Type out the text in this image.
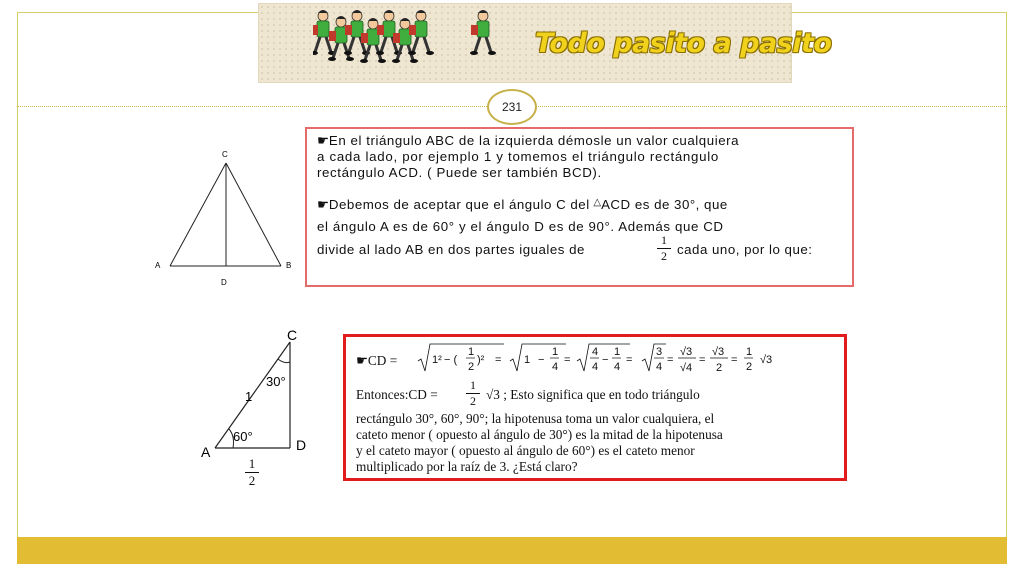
Todo pasito a pasito
231
C
A	B
D
☛En el triángulo ABC de la izquierda démosle un valor cualquiera
a cada lado, por ejemplo 1 y tomemos el triángulo rectángulo
rectángulo ACD. ( Puede ser también BCD).
☛Debemos de aceptar que el ángulo C del △ACD es de 30°, que
el ángulo A es de 60° y el ángulo D es de 90°. Además que CD
divide al lado AB en dos partes iguales de	$\frac{1}{2}$ cada uno, por lo que:
C
A	D
1
30°
60°
$\frac{1}{2}$
☛CD =	1² − (
1
2
)² = 1 −
1
4
=
4
4
−
1
4
=
3
4
=
√3
√4
=
√3
2
=
1
2
√3
Entonces:CD = $\frac{1}{2} √3$ ; Esto significa que en todo triángulo
rectángulo 30°, 60°, 90°; la hipotenusa toma un valor cualquiera, el
cateto menor ( opuesto al ángulo de 30°) es la mitad de la hipotenusa
y el cateto mayor ( opuesto al ángulo de 60°) es el cateto menor
multiplicado por la raíz de 3. ¿Está claro?
